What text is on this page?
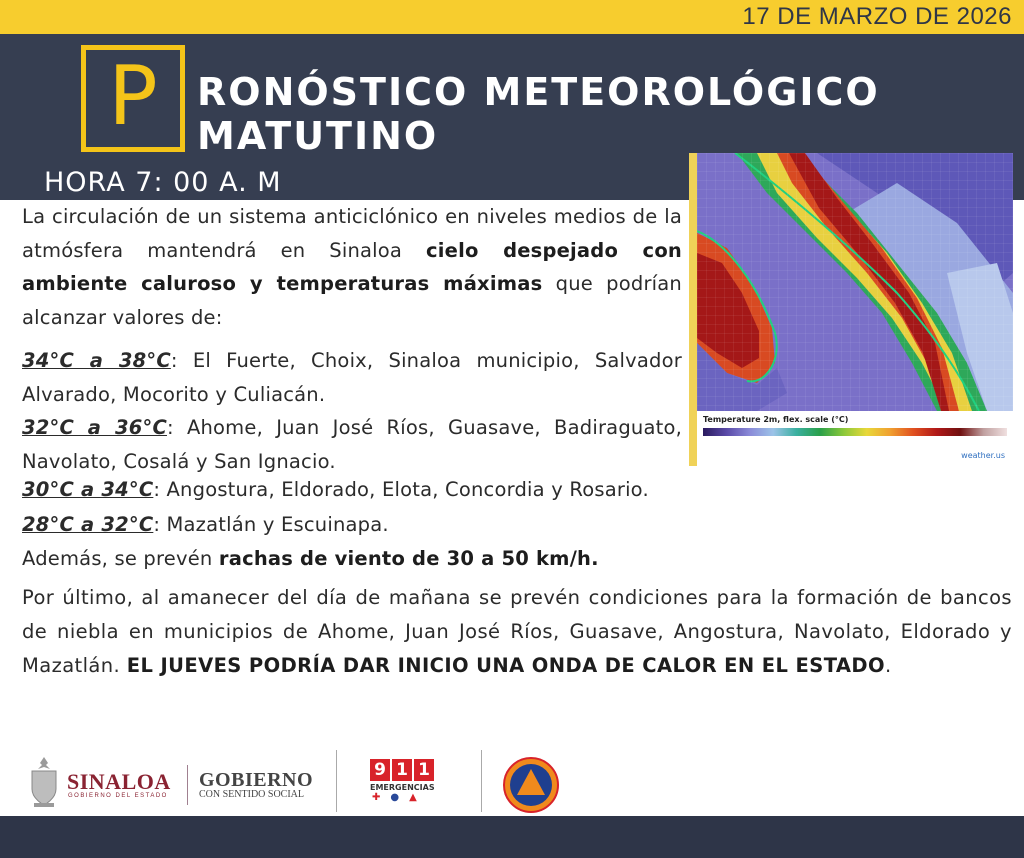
17 DE MARZO DE 2026
P	RONÓSTICO METEOROLÓGICO
MATUTINO
HORA 7: 00 A. M
Temperature 2m, flex. scale (°C)
weather.us
La circulación de un sistema anticiclónico en niveles medios de la atmósfera mantendrá en Sinaloa cielo despejado con ambiente caluroso y temperaturas máximas que podrían alcanzar valores de:
34°C a 38°C: El Fuerte, Choix, Sinaloa municipio, Salvador Alvarado, Mocorito y Culiacán.
32°C a 36°C: Ahome, Juan José Ríos, Guasave, Badiraguato, Navolato, Cosalá y San Ignacio.
30°C a 34°C: Angostura, Eldorado, Elota, Concordia y Rosario.
28°C a 32°C: Mazatlán y Escuinapa.
Además, se prevén rachas de viento de 30 a 50 km/h.
Por último, al amanecer del día de mañana se prevén condiciones para la formación de bancos de niebla en municipios de Ahome, Juan José Ríos, Guasave, Angostura, Navolato, Eldorado y Mazatlán. EL JUEVES PODRÍA DAR INICIO UNA ONDA DE CALOR EN EL ESTADO.
SINALOA
GOBIERNO DEL ESTADO
GOBIERNO
CON SENTIDO SOCIAL
9 1 1
EMERGENCIAS
✚ ● ▲
